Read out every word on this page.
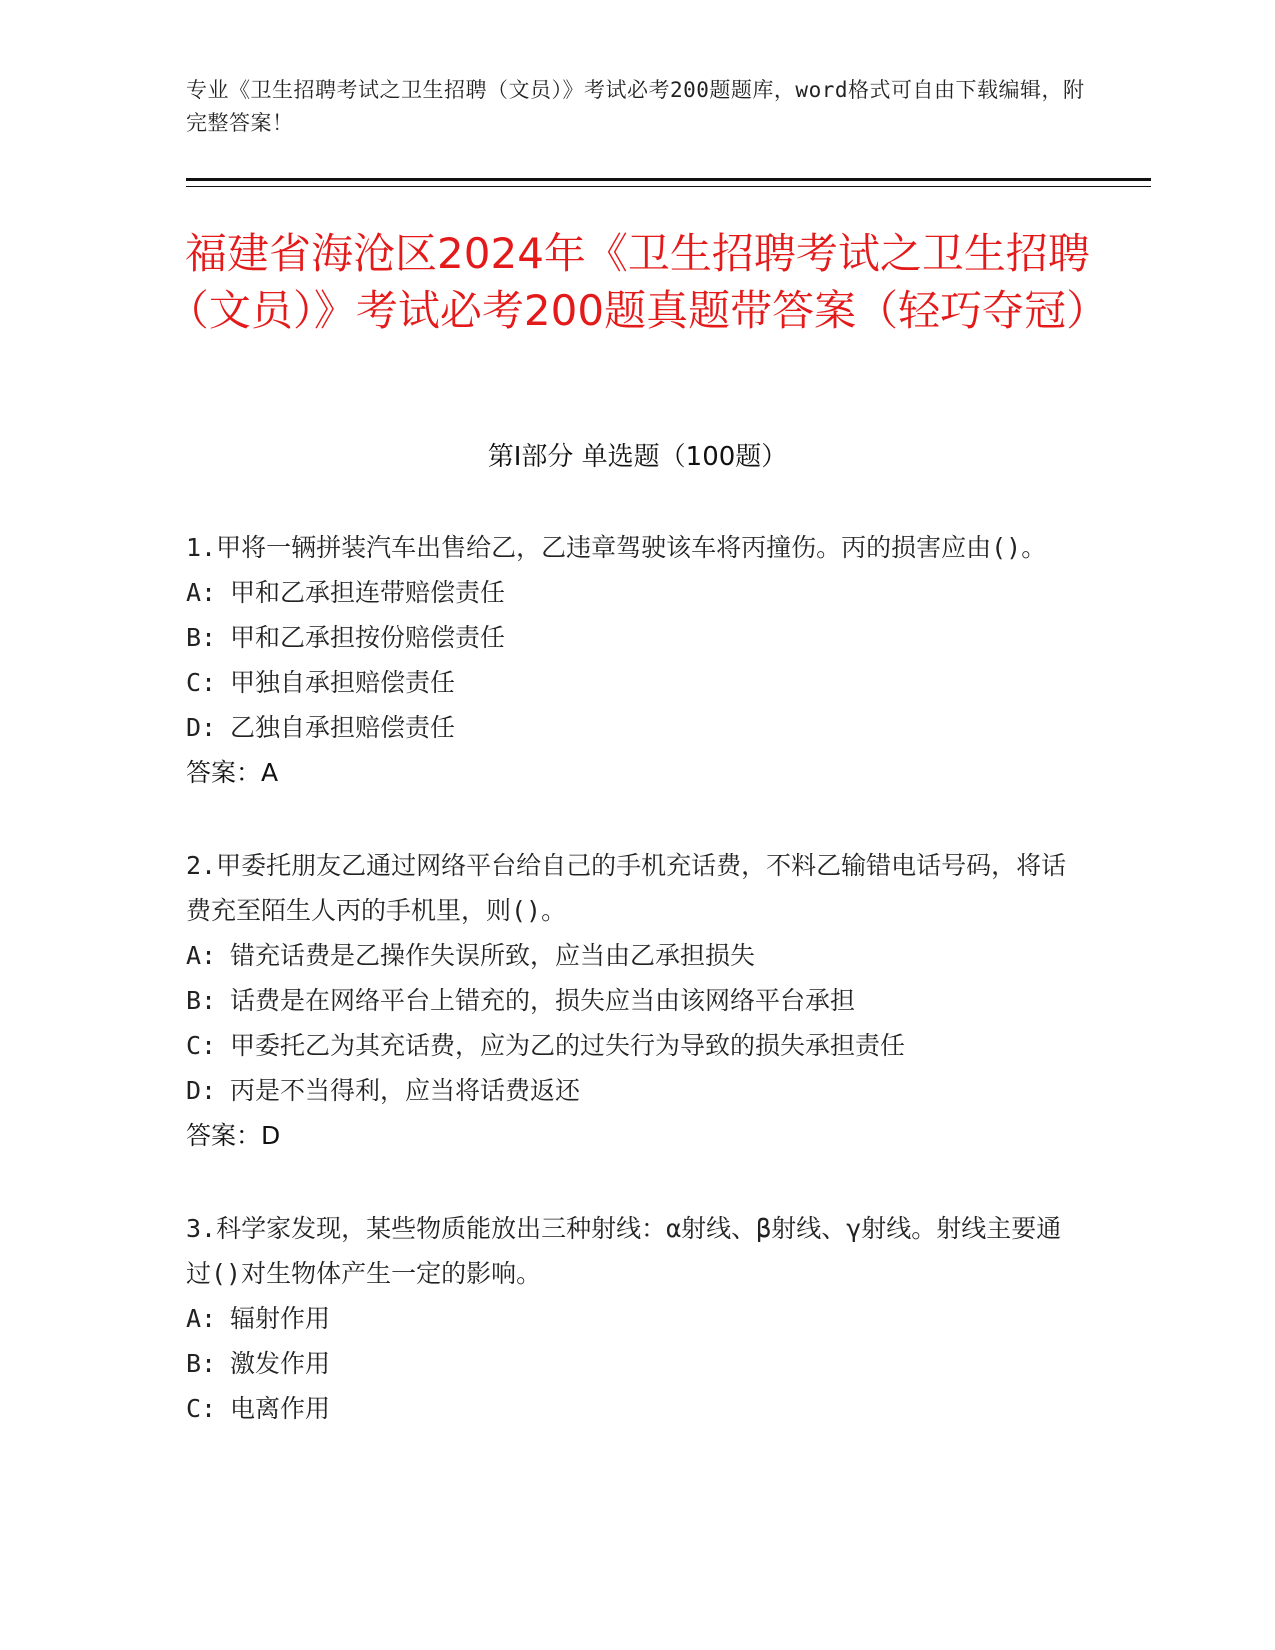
专业《卫生招聘考试之卫生招聘（文员）》考试必考200题题库，word格式可自由下载编辑，附完整答案！
福建省海沧区2024年《卫生招聘考试之卫生招聘（文员）》考试必考200题真题带答案（轻巧夺冠）
第I部分 单选题（100题）

1.甲将一辆拼装汽车出售给乙，乙违章驾驶该车将丙撞伤。丙的损害应由()。

A: 甲和乙承担连带赔偿责任

B: 甲和乙承担按份赔偿责任

C: 甲独自承担赔偿责任

D: 乙独自承担赔偿责任

答案：A

2.甲委托朋友乙通过网络平台给自己的手机充话费，不料乙输错电话号码，将话费充至陌生人丙的手机里，则()。

A: 错充话费是乙操作失误所致，应当由乙承担损失

B: 话费是在网络平台上错充的，损失应当由该网络平台承担

C: 甲委托乙为其充话费，应为乙的过失行为导致的损失承担责任

D: 丙是不当得利，应当将话费返还

答案：D

3.科学家发现，某些物质能放出三种射线：α射线、β射线、γ射线。射线主要通过()对生物体产生一定的影响。

A: 辐射作用

B: 激发作用

C: 电离作用
